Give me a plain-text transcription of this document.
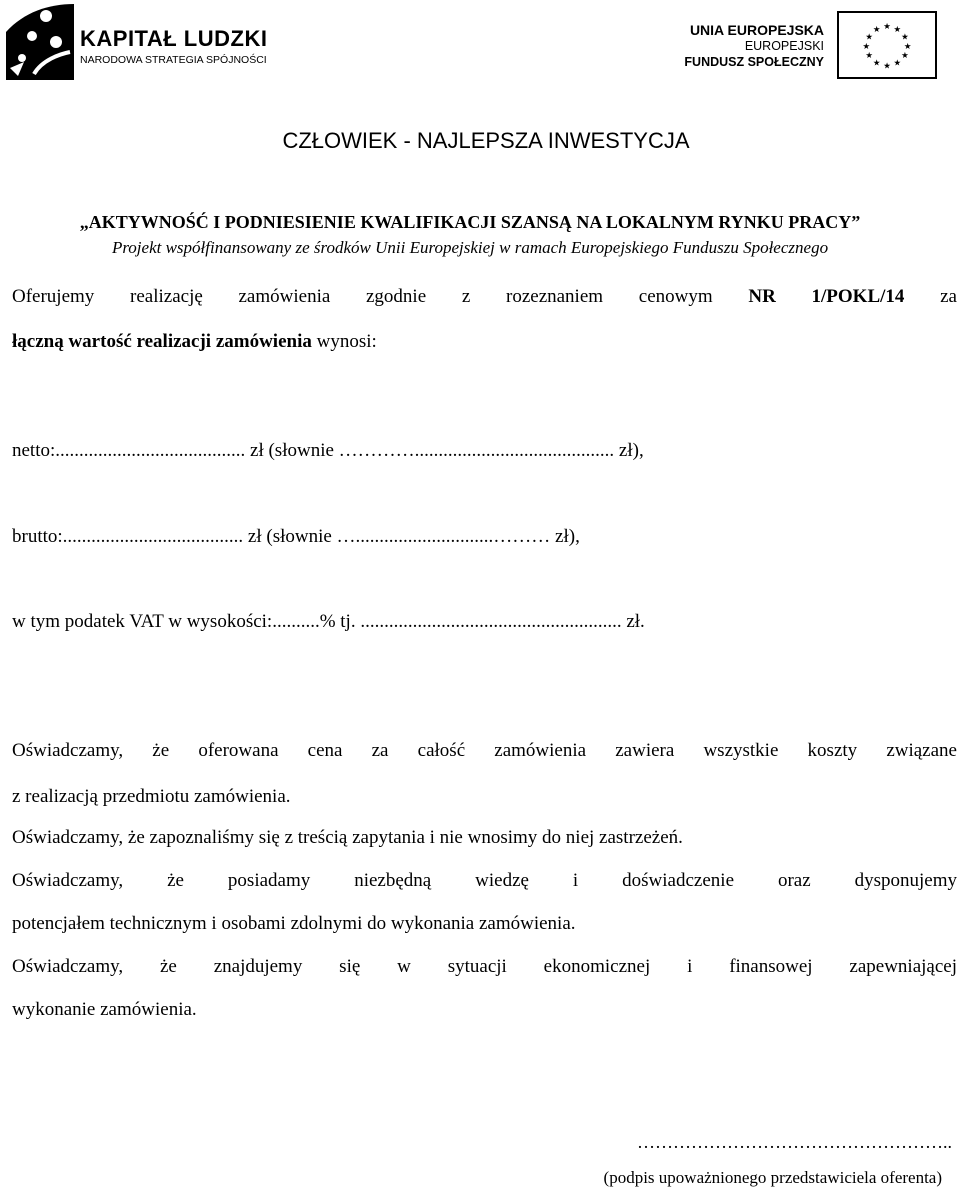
KAPITAŁ LUDZKI
NARODOWA STRATEGIA SPÓJNOŚCI
UNIA EUROPEJSKA
EUROPEJSKI
FUNDUSZ SPOŁECZNY
★ ★
★
★
★
★
★
★
★
★
★
★
CZŁOWIEK - NAJLEPSZA INWESTYCJA
„AKTYWNOŚĆ I PODNIESIENIE KWALIFIKACJI SZANSĄ NA LOKALNYM RYNKU PRACY”
Projekt współfinansowany ze środków Unii Europejskiej w ramach Europejskiego Funduszu Społecznego
Oferujemy realizację zamówienia zgodnie z rozeznaniem cenowym NR 1/POKL/14 za
łączną wartość realizacji zamówienia wynosi:
netto:........................................ zł (słownie ………….......................................... zł),
brutto:...................................... zł (słownie ….............................……… zł),
w tym podatek VAT w wysokości:..........% tj. ....................................................... zł.
Oświadczamy, że oferowana cena za całość zamówienia zawiera wszystkie koszty związane
z realizacją przedmiotu zamówienia.
Oświadczamy, że zapoznaliśmy się z treścią zapytania i nie wnosimy do niej zastrzeżeń.
Oświadczamy, że posiadamy niezbędną wiedzę i doświadczenie oraz dysponujemy
potencjałem technicznym i osobami zdolnymi do wykonania zamówienia.
Oświadczamy, że znajdujemy się w sytuacji ekonomicznej i finansowej zapewniającej
wykonanie zamówienia.
……………………………………………..
(podpis upoważnionego przedstawiciela oferenta)
